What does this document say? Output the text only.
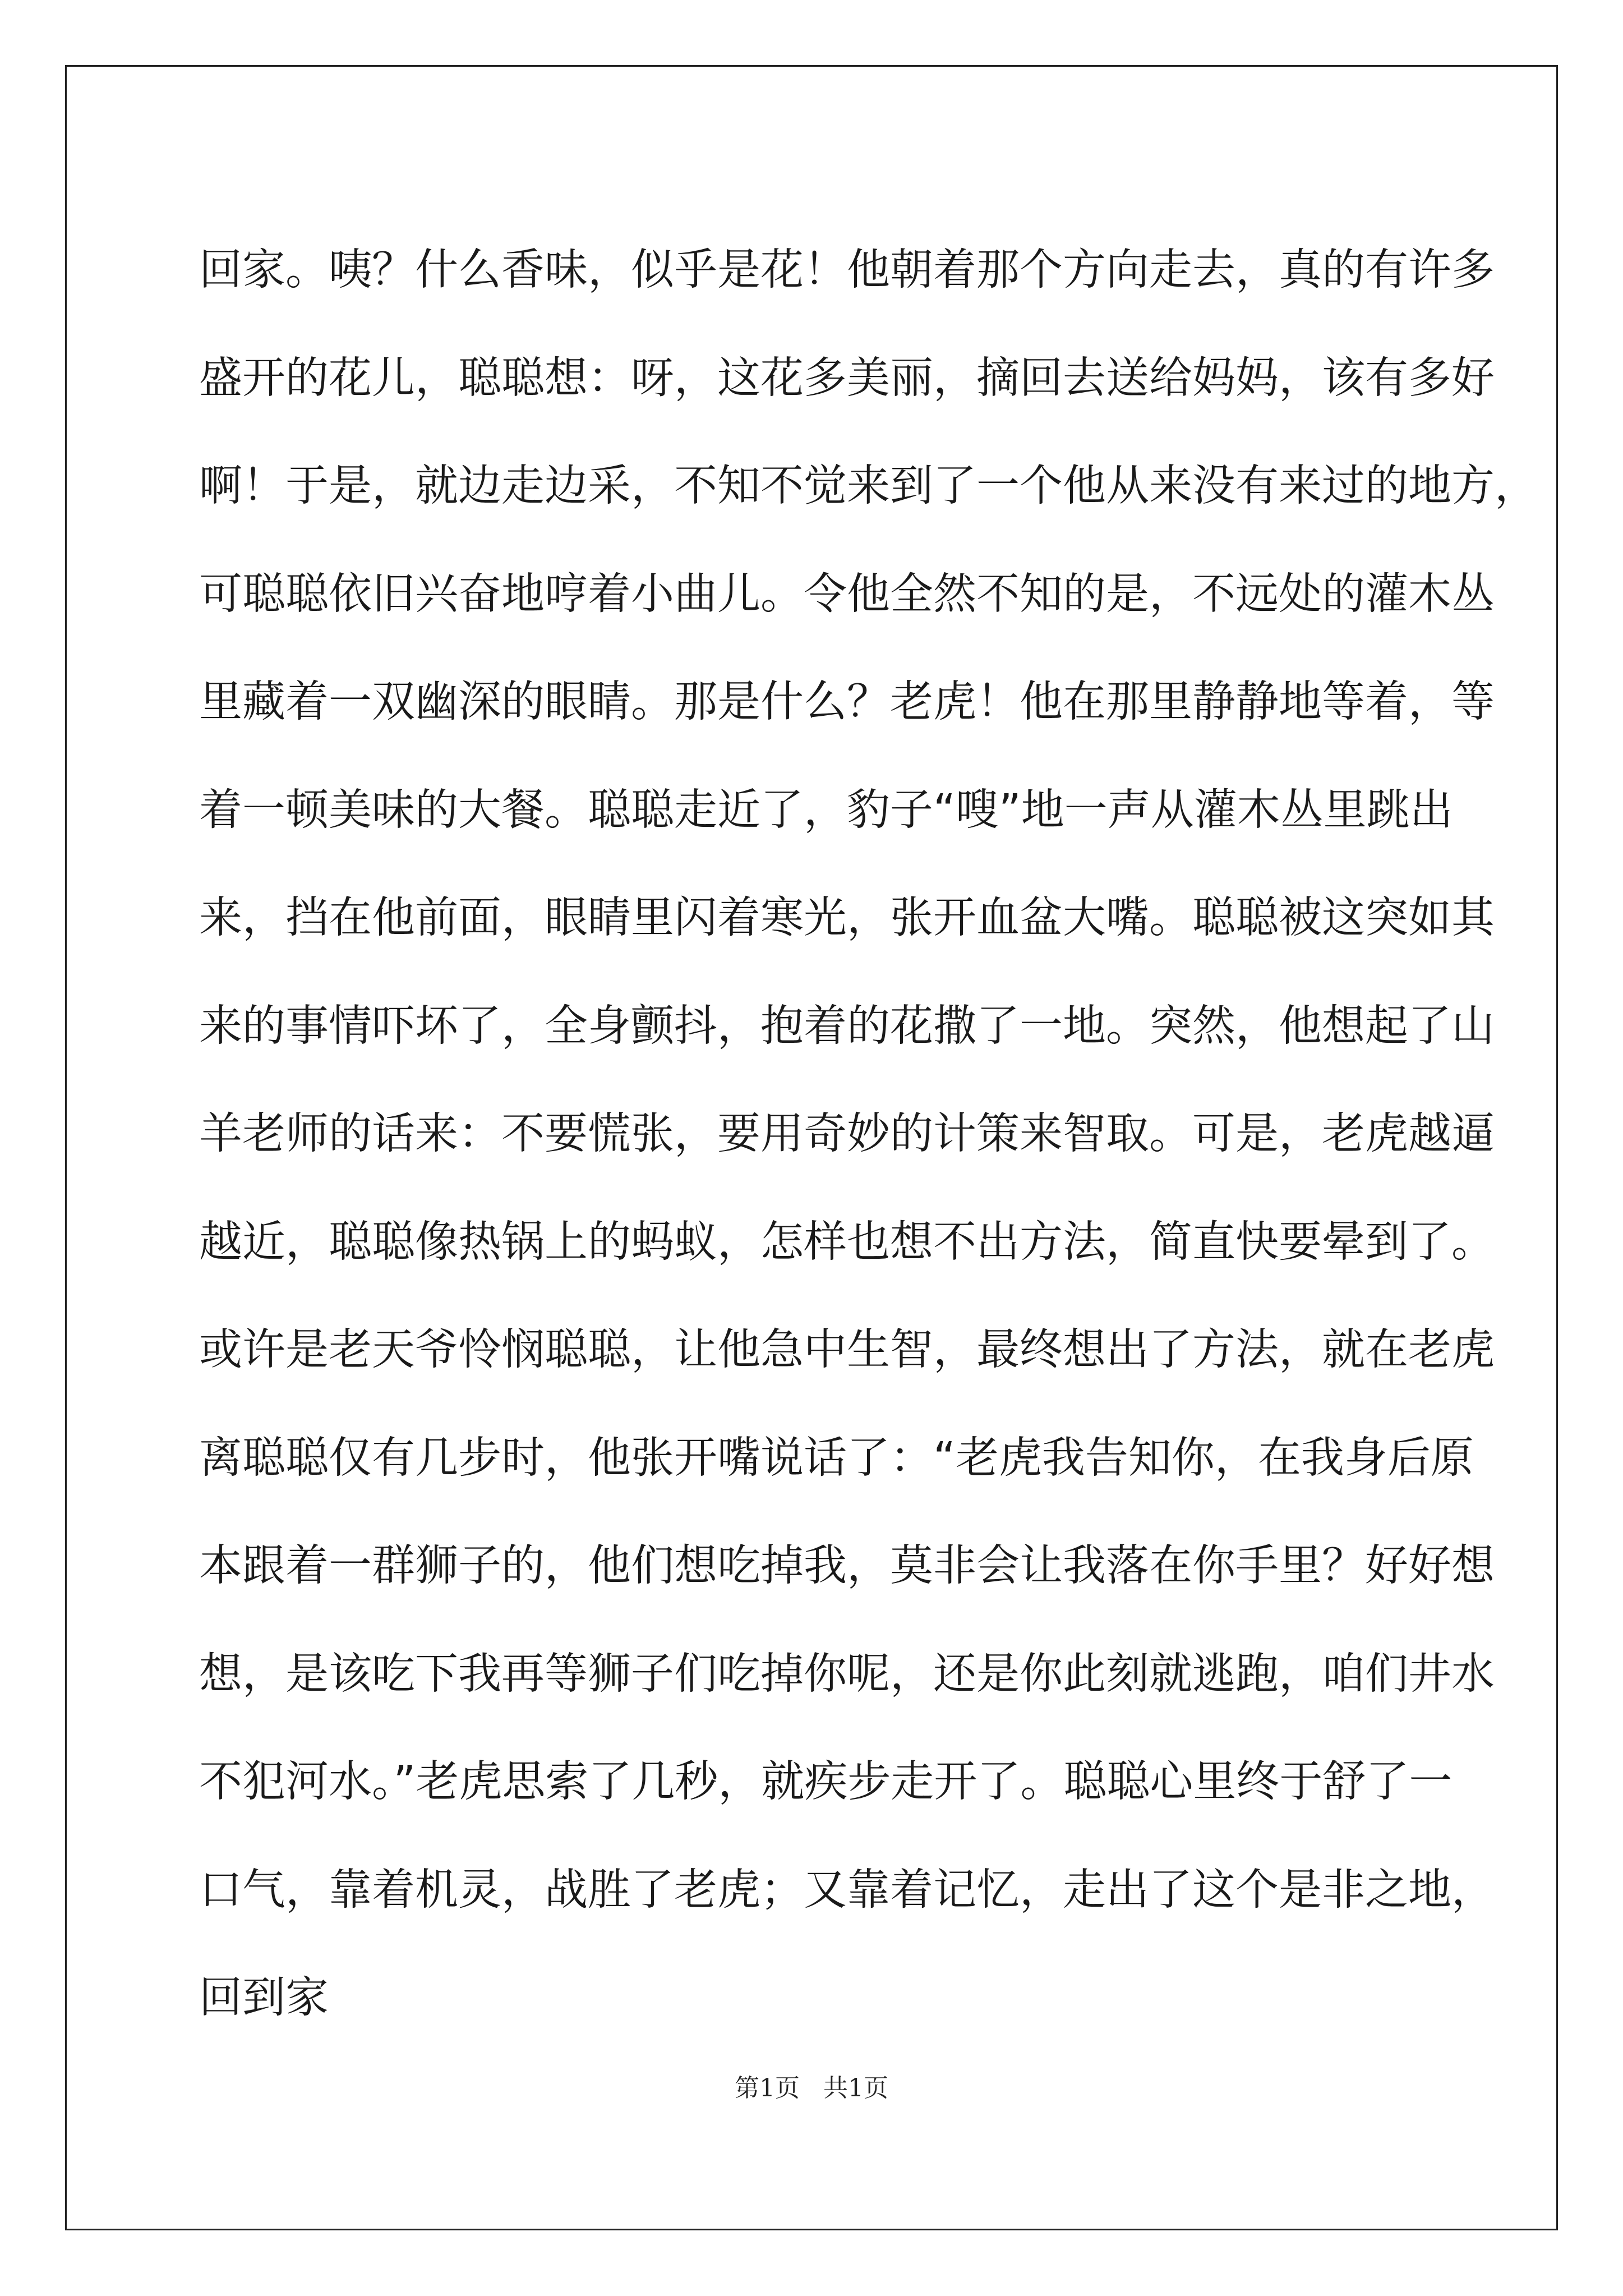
回家。咦？什么香味，似乎是花！他朝着那个方向走去，真的有许多
盛开的花儿，聪聪想：呀，这花多美丽，摘回去送给妈妈，该有多好
啊！于是，就边走边采，不知不觉来到了一个他从来没有来过的地方，
可聪聪依旧兴奋地哼着小曲儿。令他全然不知的是，不远处的灌木丛
里藏着一双幽深的眼睛。那是什么？老虎！他在那里静静地等着，等
着一顿美味的大餐。聪聪走近了，豹子“嗖”地一声从灌木丛里跳出
来，挡在他前面，眼睛里闪着寒光，张开血盆大嘴。聪聪被这突如其
来的事情吓坏了，全身颤抖，抱着的花撒了一地。突然，他想起了山
羊老师的话来：不要慌张，要用奇妙的计策来智取。可是，老虎越逼
越近，聪聪像热锅上的蚂蚁，怎样也想不出方法，简直快要晕到了。
或许是老天爷怜悯聪聪，让他急中生智，最终想出了方法，就在老虎
离聪聪仅有几步时，他张开嘴说话了：“老虎我告知你，在我身后原
本跟着一群狮子的，他们想吃掉我，莫非会让我落在你手里？好好想
想，是该吃下我再等狮子们吃掉你呢，还是你此刻就逃跑，咱们井水
不犯河水。”老虎思索了几秒，就疾步走开了。聪聪心里终于舒了一
口气，靠着机灵，战胜了老虎；又靠着记忆，走出了这个是非之地，
回到家
第1页   共1页
